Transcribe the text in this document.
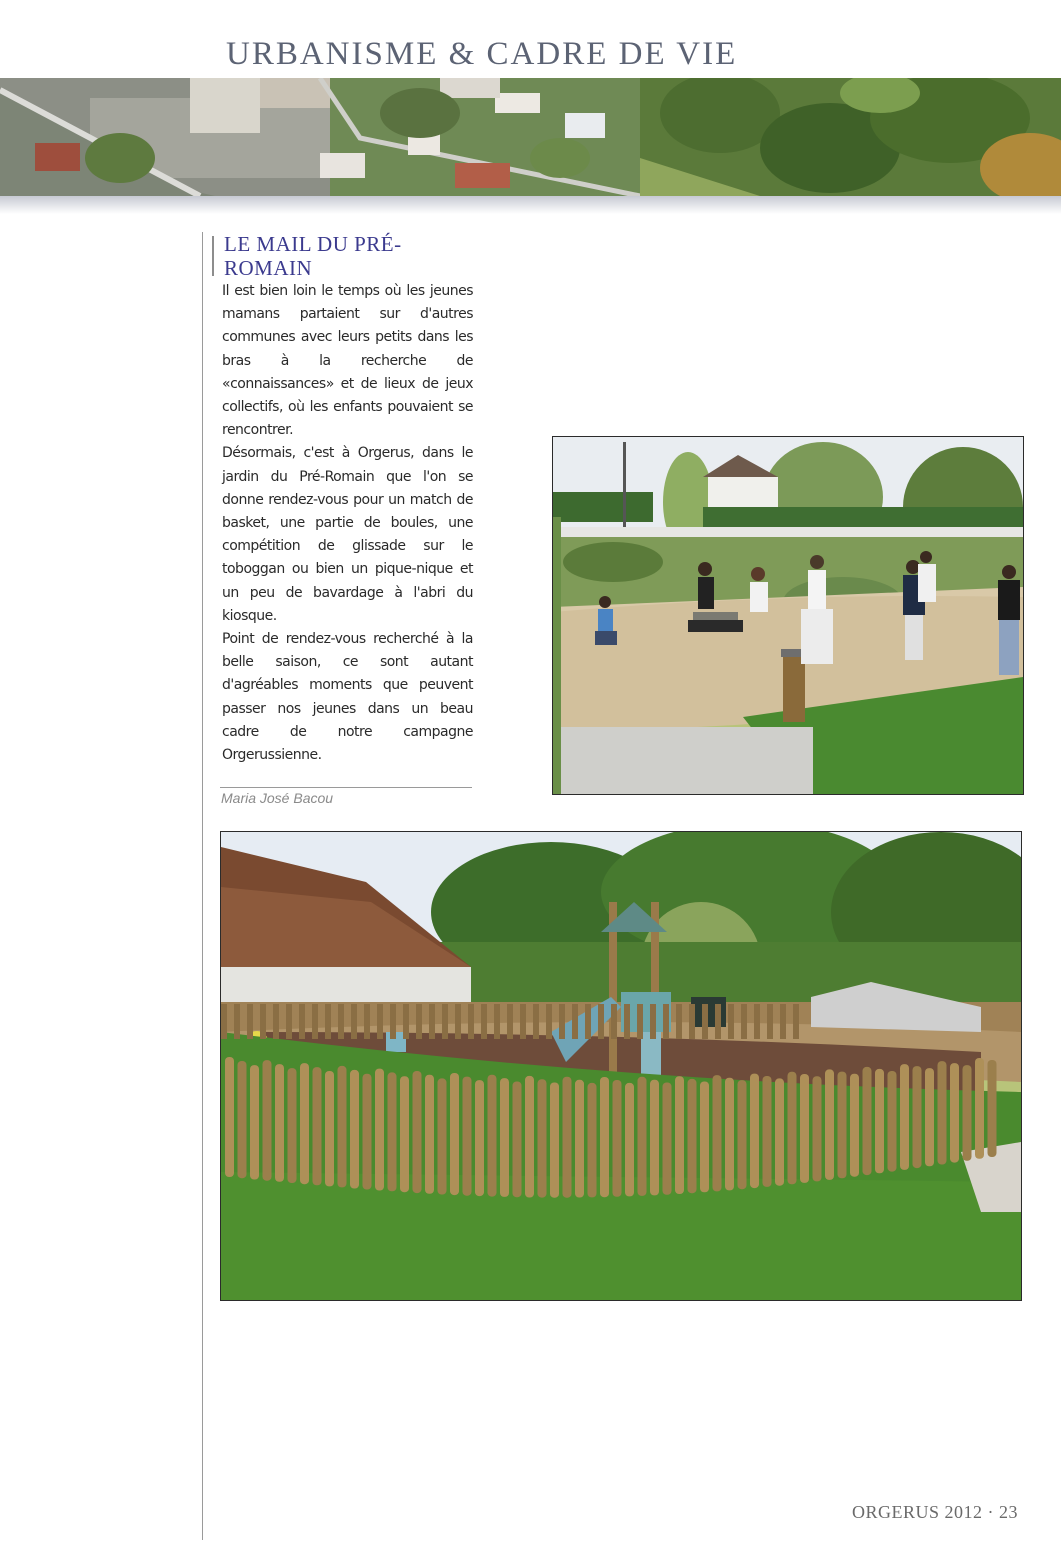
URBANISME & CADRE DE VIE
LE MAIL DU PRÉ-ROMAIN

Il est bien loin le temps où les jeunes mamans partaient sur d'autres communes avec leurs petits dans les bras à la recherche de «connaissances» et de lieux de jeux collectifs, où les enfants pouvaient se rencontrer.

Désormais, c'est à Orgerus, dans le jardin du Pré-Romain que l'on se donne rendez-vous pour un match de basket, une partie de boules, une compétition de glissade sur le toboggan ou bien un pique-nique et un peu de bavardage à l'abri du kiosque.

Point de rendez-vous recherché à la belle saison, ce sont autant d'agréables moments que peuvent passer nos jeunes dans un beau cadre de notre campagne Orgerussienne.

Maria José Bacou
ORGERUS 2012 · 23
